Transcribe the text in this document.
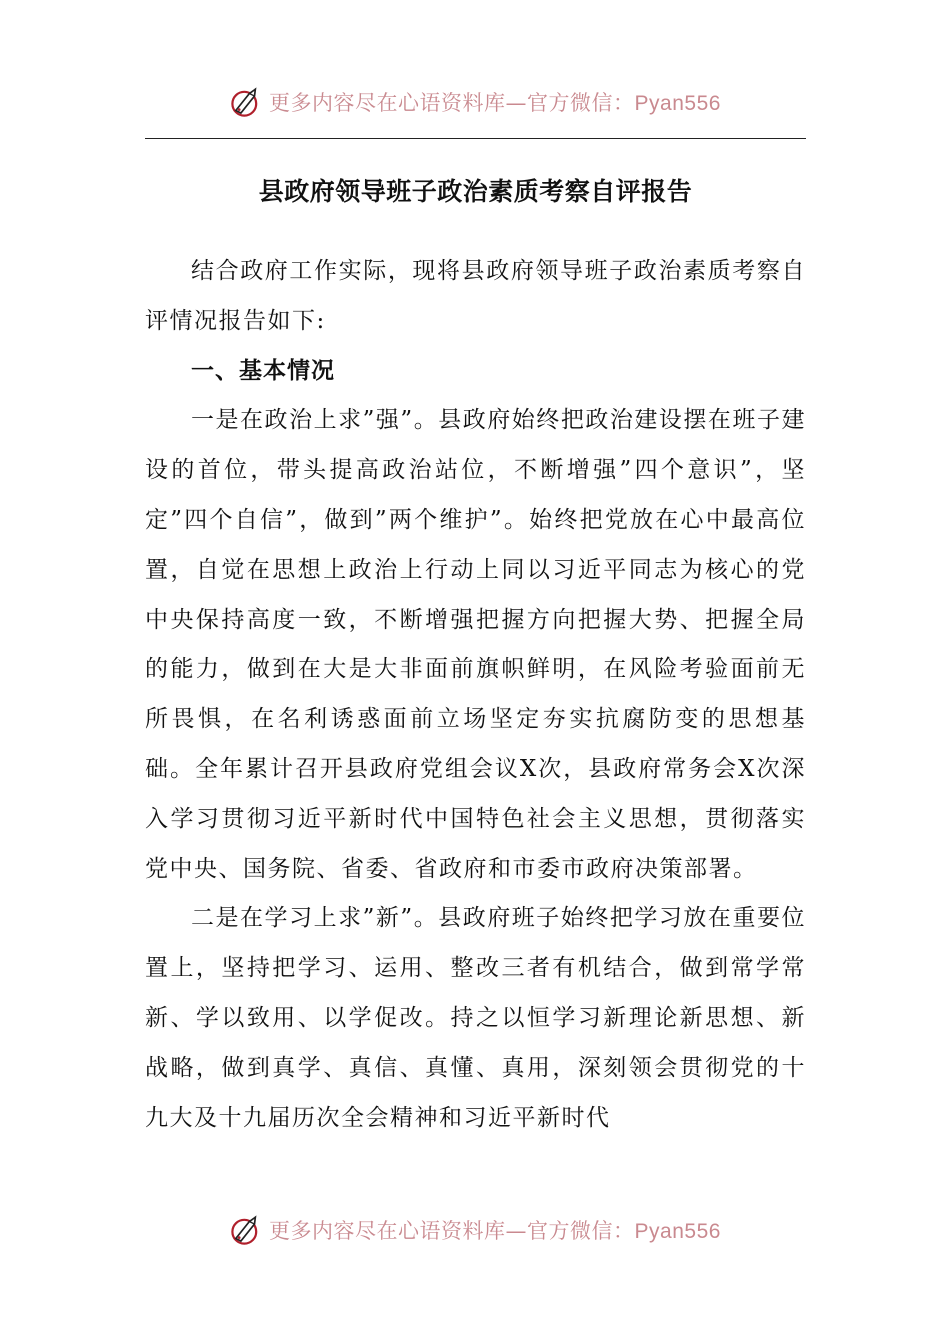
更多内容尽在心语资料库—官方微信：Pyan556
县政府领导班子政治素质考察自评报告

结合政府工作实际，现将县政府领导班子政治素质考察自评情况报告如下:

一、基本情况

一是在政治上求”强”。县政府始终把政治建设摆在班子建设的首位，带头提高政治站位，不断增强”四个意识”，坚定”四个自信”，做到”两个维护”。始终把党放在心中最高位置，自觉在思想上政治上行动上同以习近平同志为核心的党中央保持高度一致，不断增强把握方向把握大势、把握全局的能力，做到在大是大非面前旗帜鲜明，在风险考验面前无所畏惧，在名利诱惑面前立场坚定夯实抗腐防变的思想基础。全年累计召开县政府党组会议X次，县政府常务会X次深入学习贯彻习近平新时代中国特色社会主义思想，贯彻落实党中央、国务院、省委、省政府和市委市政府决策部署。

二是在学习上求”新”。县政府班子始终把学习放在重要位置上，坚持把学习、运用、整改三者有机结合，做到常学常新、学以致用、以学促改。持之以恒学习新理论新思想、新战略，做到真学、真信、真懂、真用，深刻领会贯彻党的十九大及十九届历次全会精神和习近平新时代

更多内容尽在心语资料库—官方微信：Pyan556
